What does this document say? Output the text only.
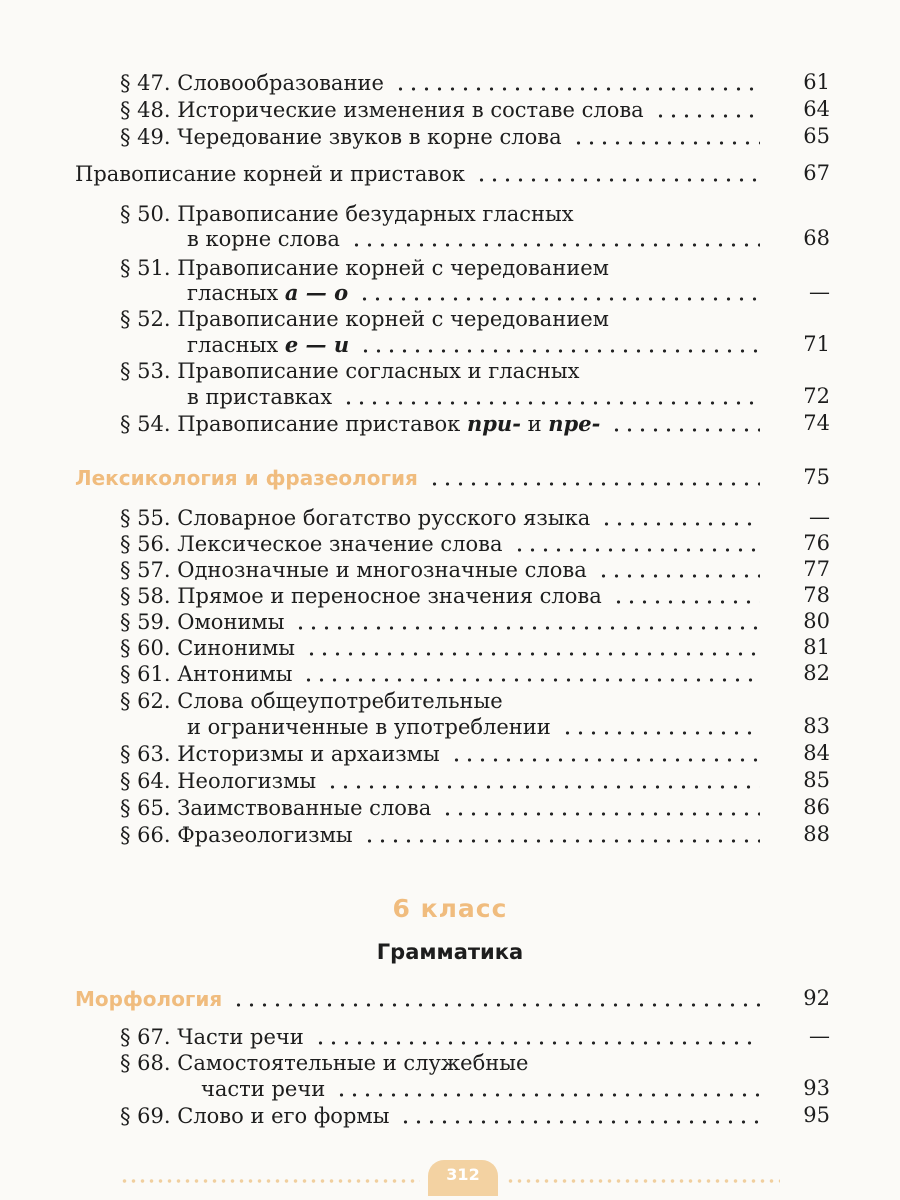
§ 47. Словообразование	61
§ 48. Исторические изменения в составе слова	64
§ 49. Чередование звуков в корне слова	65
Правописание корней и приставок	67
§ 50. Правописание безударных гласных
в корне слова	68
§ 51. Правописание корней с чередованием
гласных а — о	—
§ 52. Правописание корней с чередованием
гласных е — и	71
§ 53. Правописание согласных и гласных
в приставках	72
§ 54. Правописание приставок при- и пре-	74
Лексикология и фразеология	75
§ 55. Словарное богатство русского языка	—
§ 56. Лексическое значение слова	76
§ 57. Однозначные и многозначные слова	77
§ 58. Прямое и переносное значения слова	78
§ 59. Омонимы	80
§ 60. Синонимы	81
§ 61. Антонимы	82
§ 62. Слова общеупотребительные
и ограниченные в употреблении	83
§ 63. Историзмы и архаизмы	84
§ 64. Неологизмы	85
§ 65. Заимствованные слова	86
§ 66. Фразеологизмы	88
6 класс
Грамматика
Морфология	92
§ 67. Части речи	—
§ 68. Самостоятельные и служебные
части речи	93
§ 69. Слово и его формы	95
312
